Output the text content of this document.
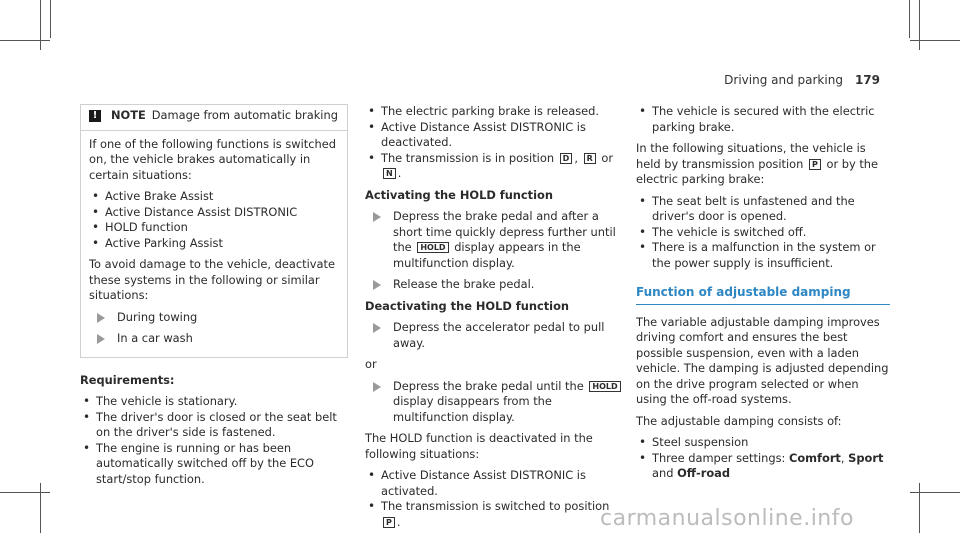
Driving and parking 179
!	NOTE Damage from automatic braking

If one of the following functions is switched on, the vehicle brakes automatically in certain situations:

• Active Brake Assist
• Active Distance Assist DISTRONIC
• HOLD function
• Active Parking Assist

To avoid damage to the vehicle, deactivate these systems in the following or similar situations:

During towing
In a car wash
Requirements:
• The vehicle is stationary.
• The driver's door is closed or the seat belt on the driver's side is fastened.
• The engine is running or has been automatically switched off by the ECO start/stop function.
• The electric parking brake is released.
• Active Distance Assist DISTRONIC is deactivated.
• The transmission is in position D , R or N .
Activating the HOLD function
Depress the brake pedal and after a short time quickly depress further until the HOLD display appears in the multifunction display.
Release the brake pedal.
Deactivating the HOLD function
Depress the accelerator pedal to pull away.

or

Depress the brake pedal until the HOLD display disappears from the multifunction display.

The HOLD function is deactivated in the following situations:

• Active Distance Assist DISTRONIC is activated.
• The transmission is switched to position P .
• The vehicle is secured with the electric parking brake.

In the following situations, the vehicle is held by transmission position P or by the electric parking brake:

• The seat belt is unfastened and the driver's door is opened.
• The vehicle is switched off.
• There is a malfunction in the system or the power supply is insufficient.
Function of adjustable damping

The variable adjustable damping improves driving comfort and ensures the best possible suspension, even with a laden vehicle. The damping is adjusted depending on the drive program selected or when using the off-road systems.

The adjustable damping consists of:

• Steel suspension
• Three damper settings: Comfort, Sport and Off-road
carmanualsonline.info
